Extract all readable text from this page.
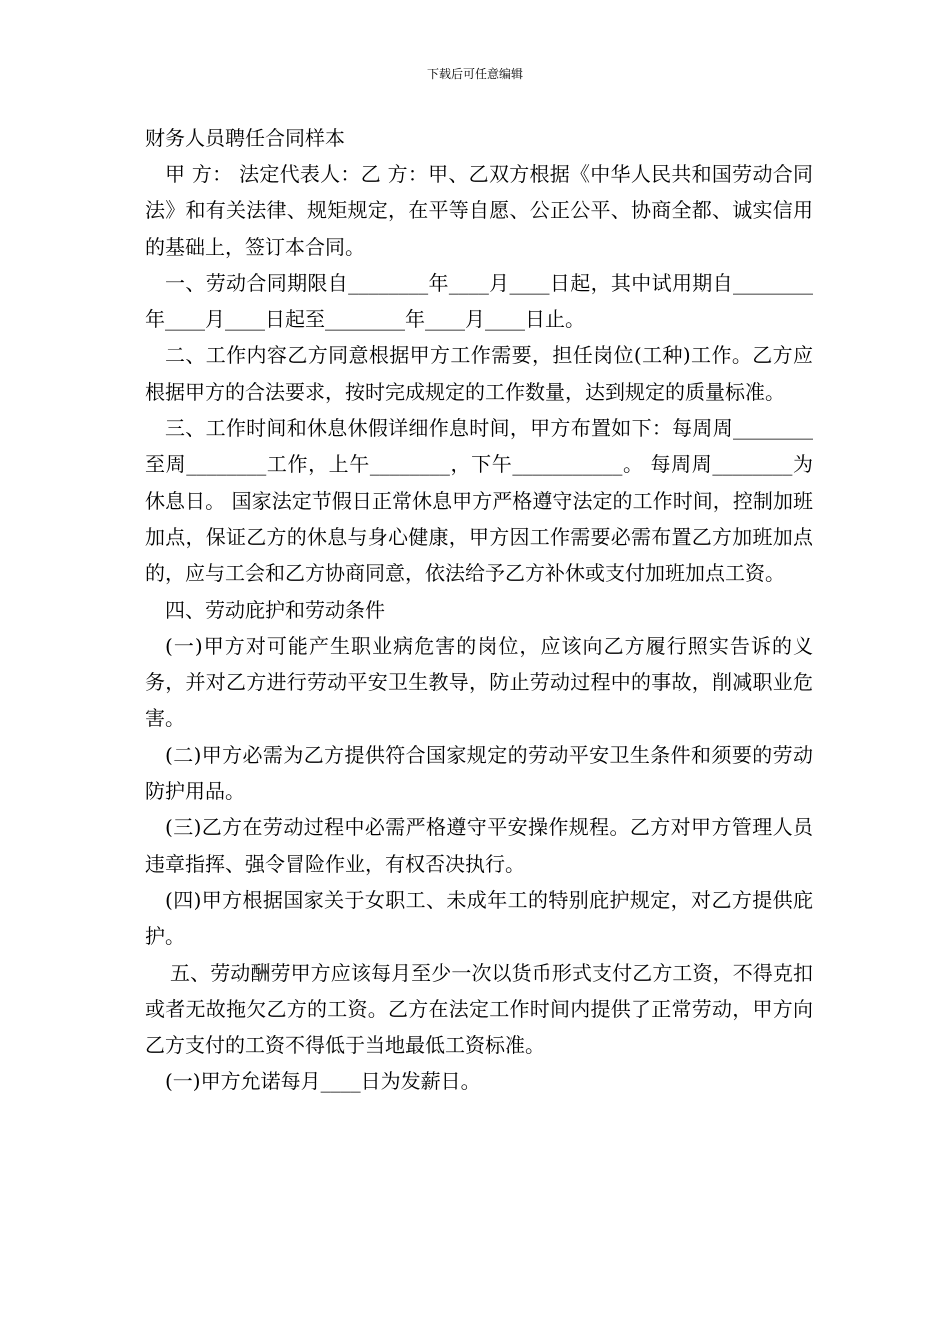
下载后可任意编辑

财务人员聘任合同样本

甲 方： 法定代表人：乙 方：甲、乙双方根据《中华人民共和国劳动合同法》和有关法律、规矩规定，在平等自愿、公正公平、协商全都、诚实信用的基础上，签订本合同。

一、劳动合同期限自________年____月____日起，其中试用期自________年____月____日起至________年____月____日止。

二、工作内容乙方同意根据甲方工作需要，担任岗位(工种)工作。乙方应根据甲方的合法要求，按时完成规定的工作数量，达到规定的质量标准。

三、工作时间和休息休假详细作息时间，甲方布置如下：每周周________至周________工作，上午________，下午___________。 每周周________为休息日。 国家法定节假日正常休息甲方严格遵守法定的工作时间，控制加班加点，保证乙方的休息与身心健康，甲方因工作需要必需布置乙方加班加点的，应与工会和乙方协商同意，依法给予乙方补休或支付加班加点工资。

四、劳动庇护和劳动条件

(一)甲方对可能产生职业病危害的岗位，应该向乙方履行照实告诉的义务，并对乙方进行劳动平安卫生教导，防止劳动过程中的事故，削减职业危害。

(二)甲方必需为乙方提供符合国家规定的劳动平安卫生条件和须要的劳动防护用品。

(三)乙方在劳动过程中必需严格遵守平安操作规程。乙方对甲方管理人员违章指挥、强令冒险作业，有权否决执行。

(四)甲方根据国家关于女职工、未成年工的特别庇护规定，对乙方提供庇护。

五、劳动酬劳甲方应该每月至少一次以货币形式支付乙方工资，不得克扣或者无故拖欠乙方的工资。乙方在法定工作时间内提供了正常劳动，甲方向乙方支付的工资不得低于当地最低工资标准。

(一)甲方允诺每月____日为发薪日。
